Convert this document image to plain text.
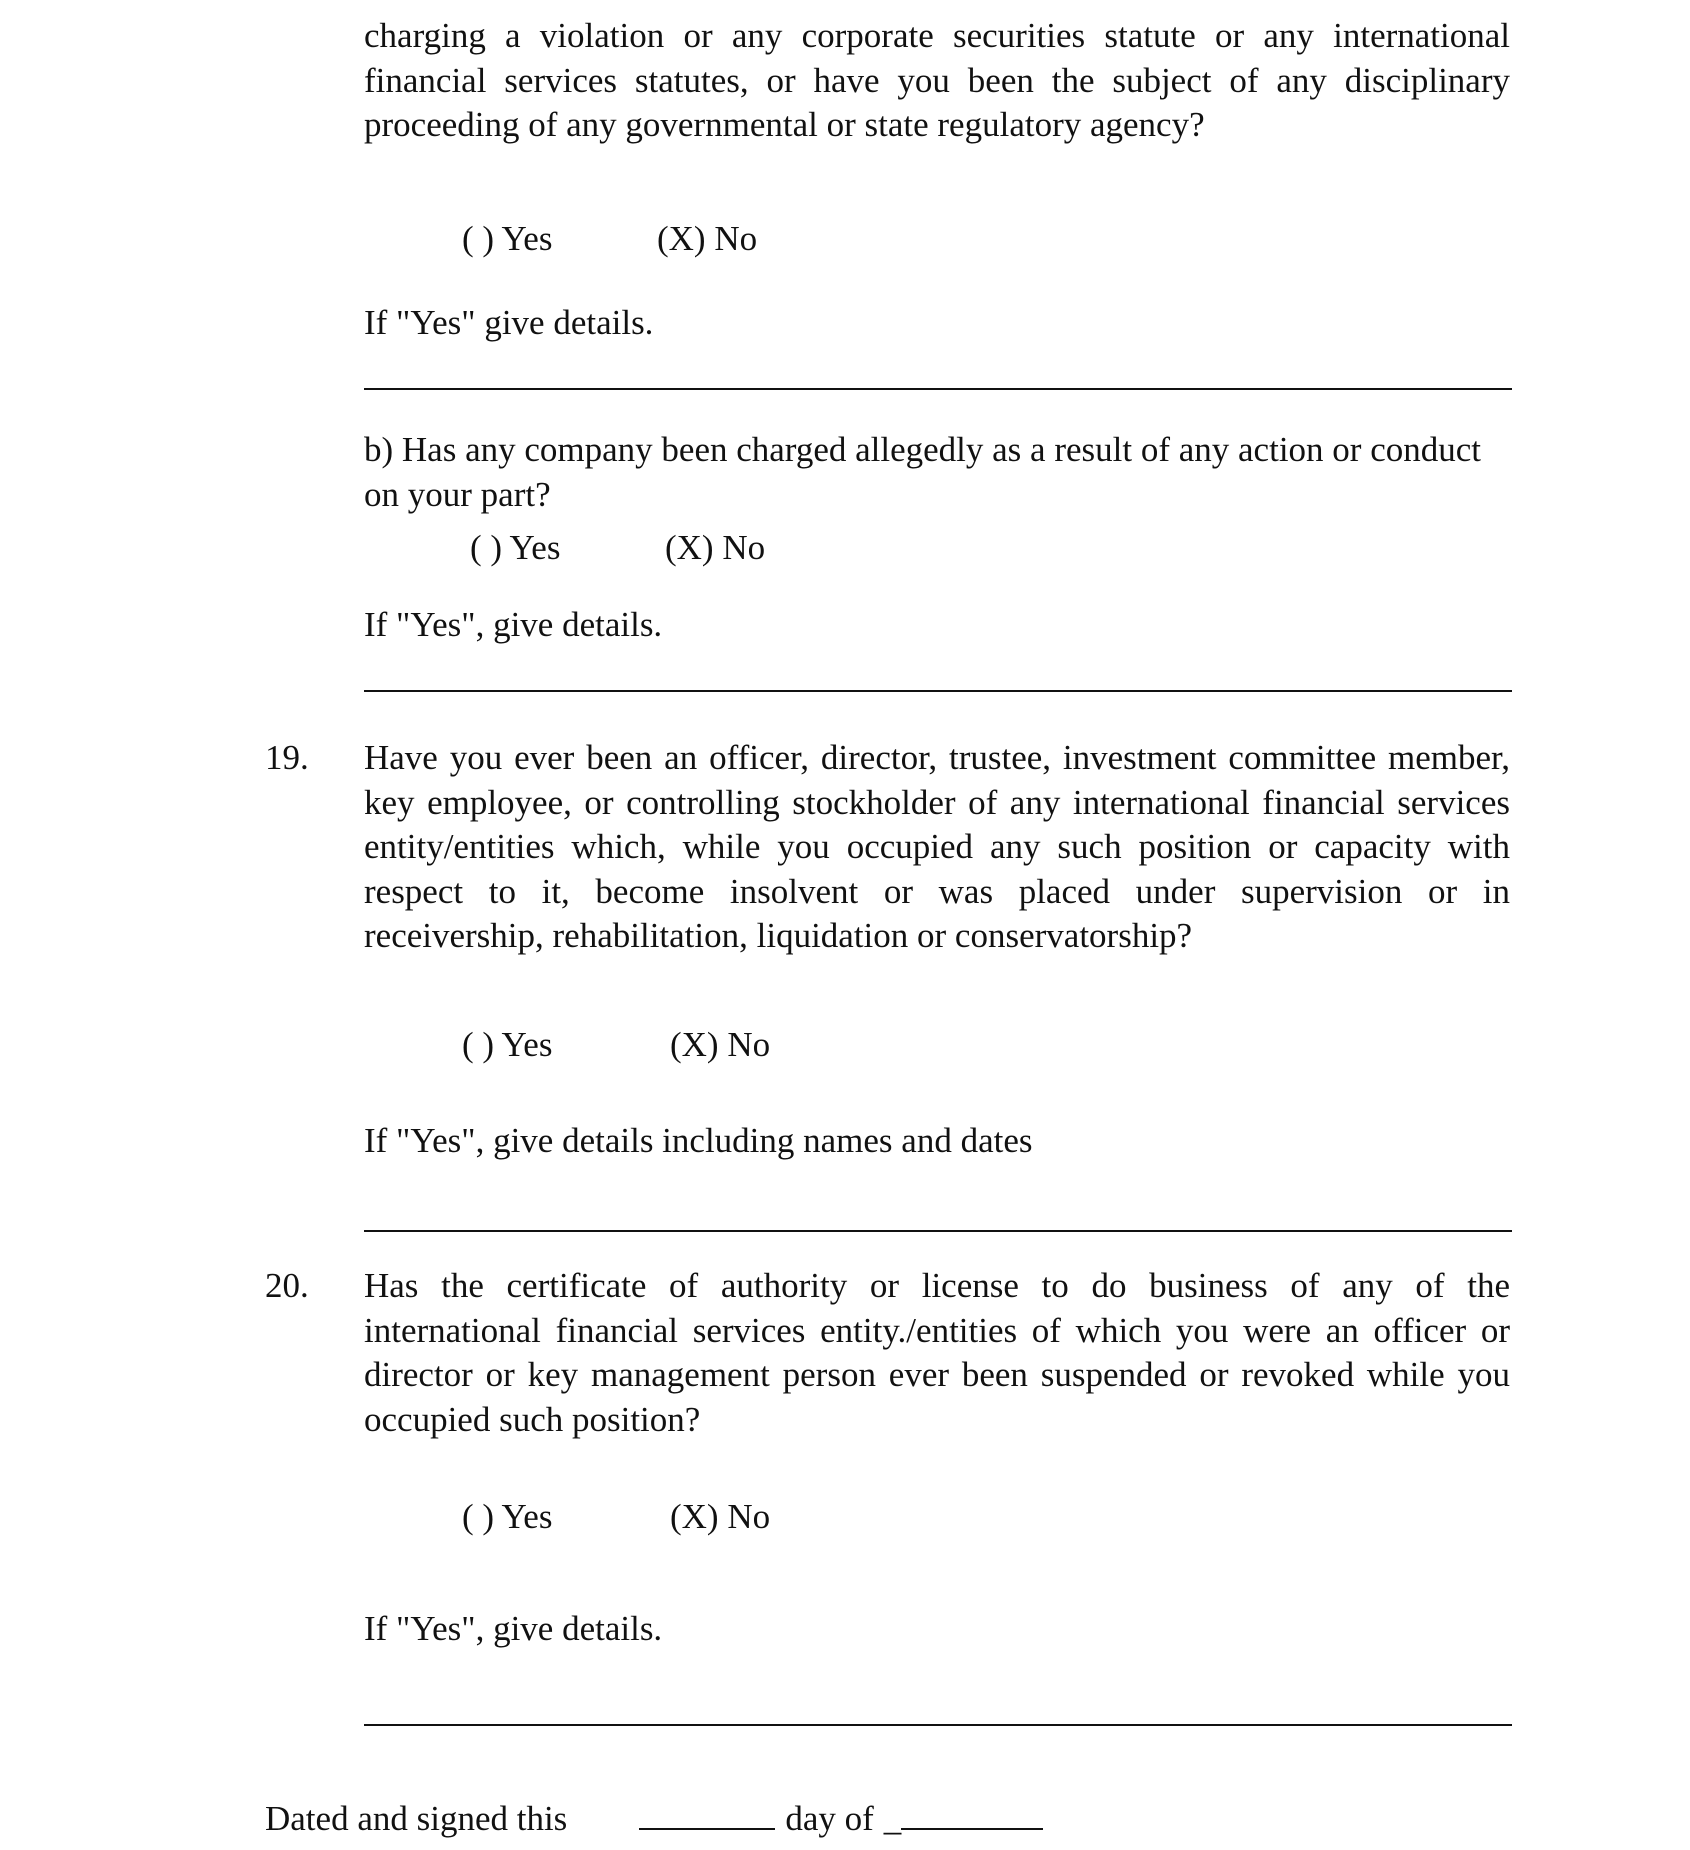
charging a violation or any corporate securities statute or any international financial services statutes, or have you been the subject of any disciplinary proceeding of any governmental or state regulatory agency?

( ) Yes	(X) No
If "Yes" give details.

b) Has any company been charged allegedly as a result of any action or conduct on your part?

( ) Yes	(X) No
If "Yes", give details.
19. Have you ever been an officer, director, trustee, investment committee member, key employee, or controlling stockholder of any international financial services entity/entities which, while you occupied any such position or capacity with respect to it, become insolvent or was placed under supervision or in receivership, rehabilitation, liquidation or conservatorship?

( ) Yes	(X) No
If "Yes", give details including names and dates
20. Has the certificate of authority or license to do business of any of the international financial services entity./entities of which you were an officer or director or key management person ever been suspended or revoked while you occupied such position?

( ) Yes	(X) No
If "Yes", give details.
Dated and signed this	day of _
